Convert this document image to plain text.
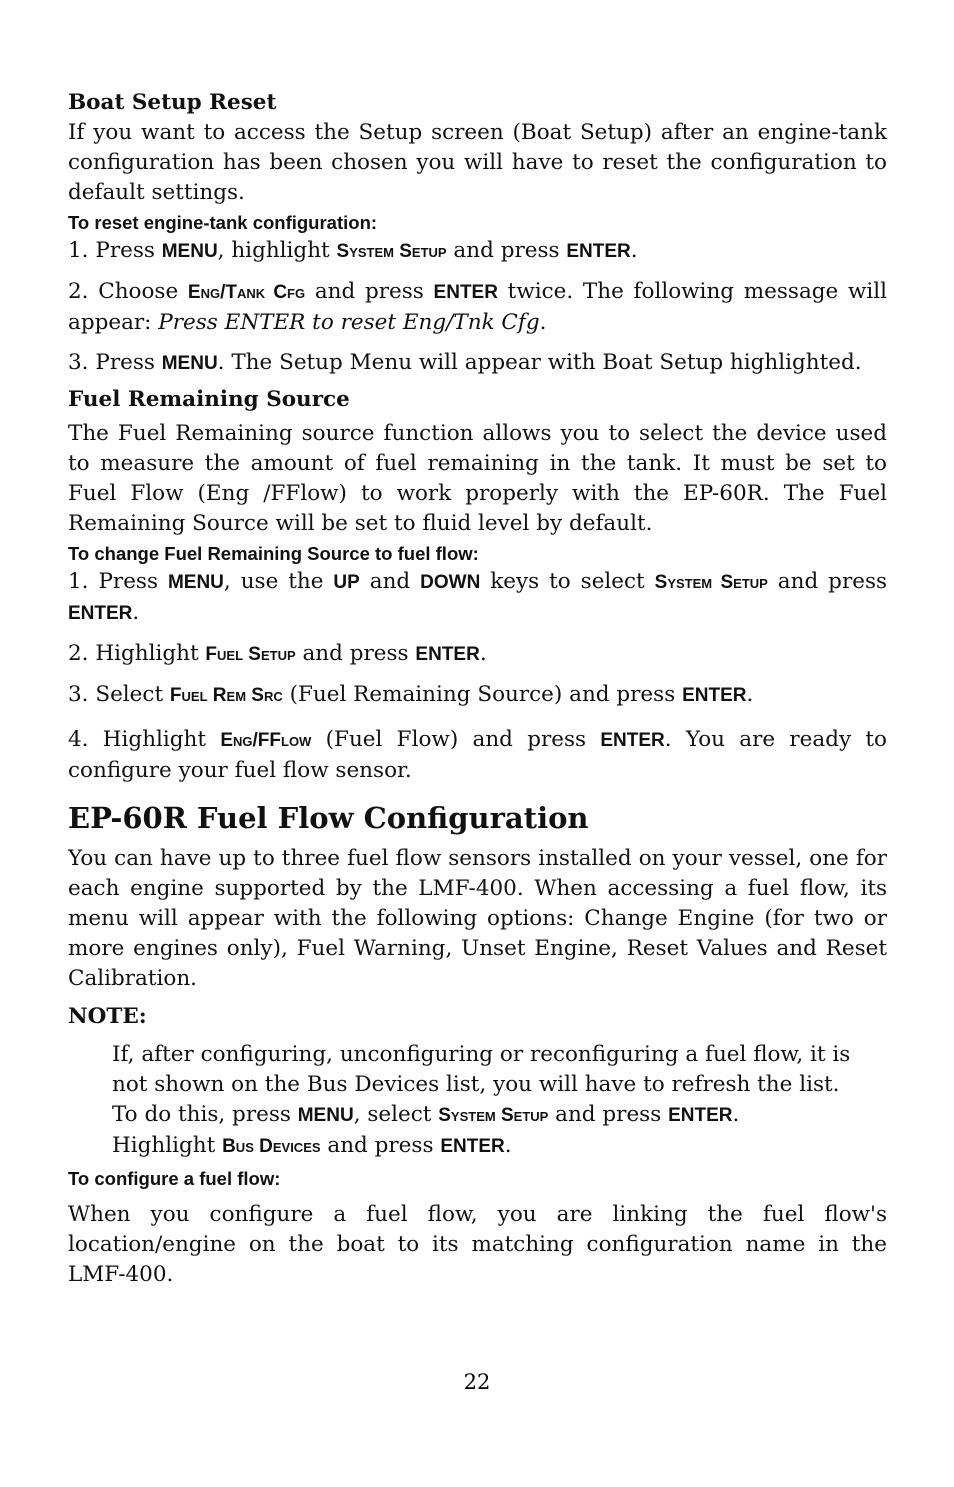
Boat Setup Reset

If you want to access the Setup screen (Boat Setup) after an engine-tank configuration has been chosen you will have to reset the configuration to default settings.

To reset engine-tank configuration:

1. Press MENU, highlight System Setup and press ENTER.

2. Choose Eng/Tank Cfg and press ENTER twice. The following message will appear: Press ENTER to reset Eng/Tnk Cfg.

3. Press MENU. The Setup Menu will appear with Boat Setup highlighted.

Fuel Remaining Source

The Fuel Remaining source function allows you to select the device used to measure the amount of fuel remaining in the tank. It must be set to Fuel Flow (Eng /FFlow) to work properly with the EP-60R. The Fuel Remaining Source will be set to fluid level by default.

To change Fuel Remaining Source to fuel flow:

1. Press MENU, use the UP and DOWN keys to select System Setup and press ENTER.

2. Highlight Fuel Setup and press ENTER.

3. Select Fuel Rem Src (Fuel Remaining Source) and press ENTER.

4. Highlight Eng/FFlow (Fuel Flow) and press ENTER. You are ready to configure your fuel flow sensor.

EP-60R Fuel Flow Configuration

You can have up to three fuel flow sensors installed on your vessel, one for each engine supported by the LMF-400. When accessing a fuel flow, its menu will appear with the following options: Change Engine (for two or more engines only), Fuel Warning, Unset Engine, Reset Values and Reset Calibration.

NOTE:

If, after configuring, unconfiguring or reconfiguring a fuel flow, it is not shown on the Bus Devices list, you will have to refresh the list.

To do this, press MENU, select System Setup and press ENTER.

Highlight Bus Devices and press ENTER.

To configure a fuel flow:

When you configure a fuel flow, you are linking the fuel flow's location/engine on the boat to its matching configuration name in the LMF-400.

22
